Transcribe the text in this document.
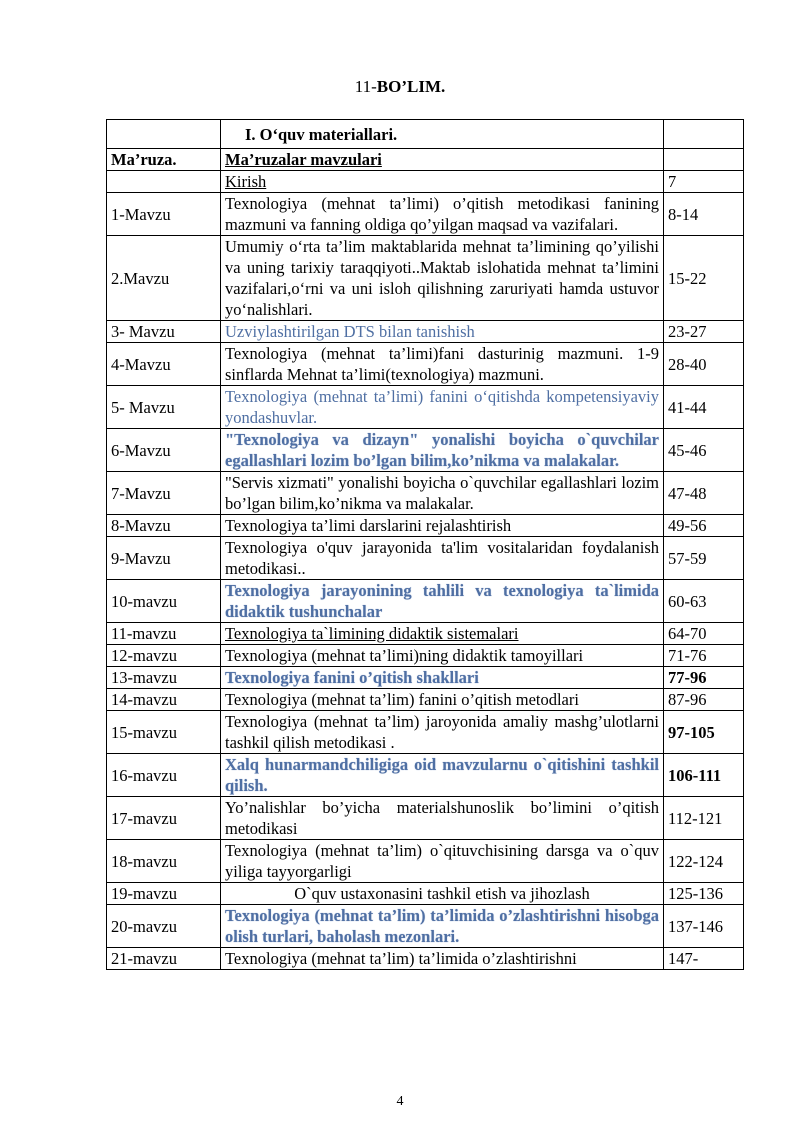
11-BO’LIM.
	I. O‘quv materiallari.	
Ma’ruza.	Ma’ruzalar mavzulari	
	Kirish	7
1-Mavzu	Texnologiya (mehnat ta’limi) o’qitish metodikasi fanining mazmuni va fanning oldiga qo’yilgan maqsad va vazifalari.	8-14
2.Mavzu	Umumiy o‘rta ta’lim maktablarida mehnat ta’limining qo’yilishi va uning tarixiy taraqqiyoti..Maktab islohatida mehnat ta’limini vazifalari,o‘rni va uni isloh qilishning zaruriyati hamda ustuvor yo‘nalishlari.	15-22
3- Mavzu	Uzviylashtirilgan DTS bilan tanishish	23-27
4-Mavzu	Texnologiya (mehnat ta’limi)fani dasturinig mazmuni. 1-9 sinflarda Mehnat ta’limi(texnologiya) mazmuni.	28-40
5- Mavzu	Texnologiya (mehnat ta’limi) fanini o‘qitishda kompetensiyaviy yondashuvlar.	41-44
6-Mavzu	"Texnologiya va dizayn" yonalishi boyicha o`quvchilar egallashlari lozim bo’lgan bilim,ko’nikma va malakalar.	45-46
7-Mavzu	"Servis xizmati" yonalishi boyicha o`quvchilar egallashlari lozim bo’lgan bilim,ko’nikma va malakalar.	47-48
8-Mavzu	Texnologiya ta’limi darslarini rejalashtirish	49-56
9-Mavzu	Texnologiya o'quv jarayonida ta'lim vositalaridan foydalanish metodikasi..	57-59
10-mavzu	Texnologiya jarayonining tahlili va texnologiya ta`limida didaktik tushunchalar	60-63
11-mavzu	Texnologiya ta`limining didaktik sistemalari	64-70
12-mavzu	Texnologiya (mehnat ta’limi)ning didaktik tamoyillari	71-76
13-mavzu	Texnologiya fanini o’qitish shakllari	77-96
14-mavzu	Texnologiya (mehnat ta’lim) fanini o’qitish metodlari	87-96
15-mavzu	Texnologiya (mehnat ta’lim) jaroyonida amaliy mashg’ulotlarni tashkil qilish metodikasi .	97-105
16-mavzu	Xalq hunarmandchiligiga oid mavzularnu o`qitishini tashkil qilish.	106-111
17-mavzu	Yo’nalishlar bo’yicha materialshunoslik bo’limini o’qitish metodikasi	112-121
18-mavzu	Texnologiya (mehnat ta’lim) o`qituvchisining darsga va o`quv yiliga tayyorgarligi	122-124
19-mavzu	O`quv ustaxonasini tashkil etish va jihozlash	125-136
20-mavzu	Texnologiya (mehnat ta’lim) ta’limida o’zlashtirishni hisobga olish turlari, baholash mezonlari.	137-146
21-mavzu	Texnologiya (mehnat ta’lim) ta’limida o’zlashtirishni	147-
4
